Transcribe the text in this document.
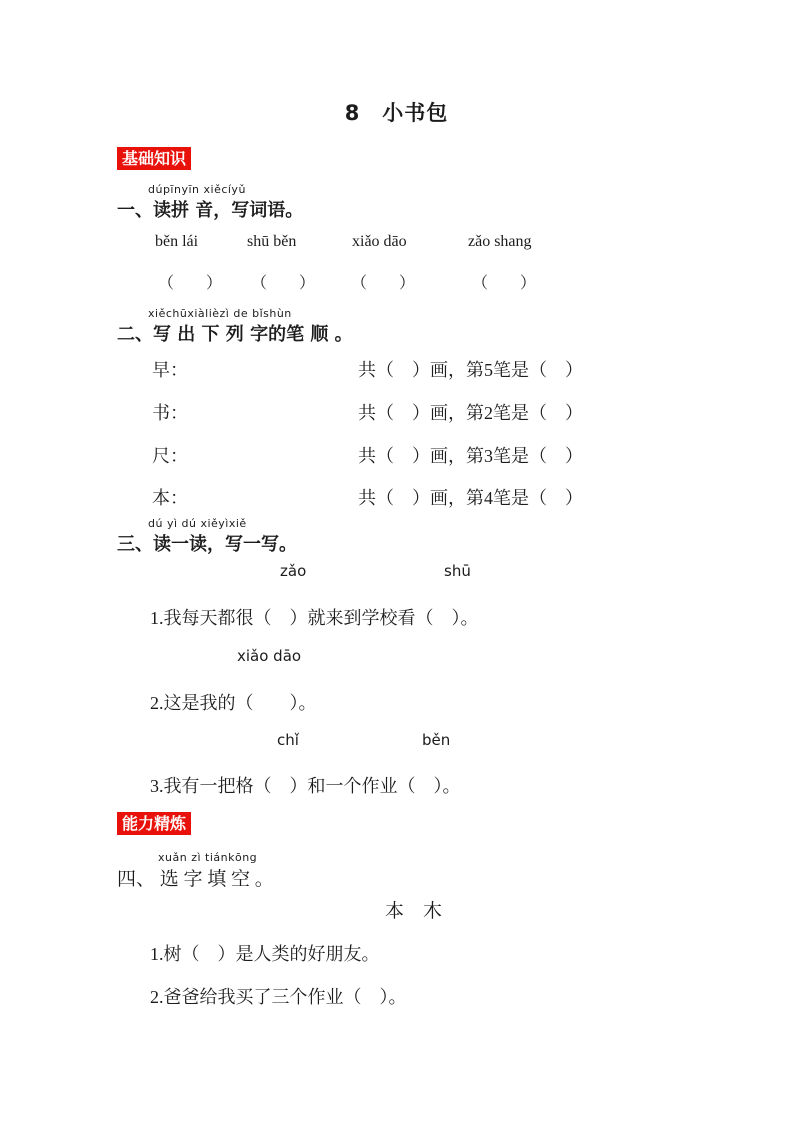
8　小书包
基础知识
dúpīnyīn xiěcíyǔ
一、读拼 音，写词语。
běn lái	shū běn	xiǎo dāo	zǎo shang
（　　） （　　） （　　）	（　　）
xiěchūxiàlièzì de bǐshùn
二、写 出 下 列 字的笔 顺 。
早：	共（　）画，第5笔是（　）
书：	共（　）画，第2笔是（　）
尺：	共（　）画，第3笔是（　）
本：	共（　）画，第4笔是（　）
dú yì dú xiěyìxiě
三、读一读，写一写。
zǎo	shū
1.我每天都很（　）就来到学校看（　）。
xiǎo dāo
2.这是我的（　　）。
chǐ	běn
3.我有一把格（　）和一个作业（　）。
能力精炼
xuǎn zì tiánkōng
四、 选 字 填 空 。
本　木
1.树（　）是人类的好朋友。
2.爸爸给我买了三个作业（　）。
